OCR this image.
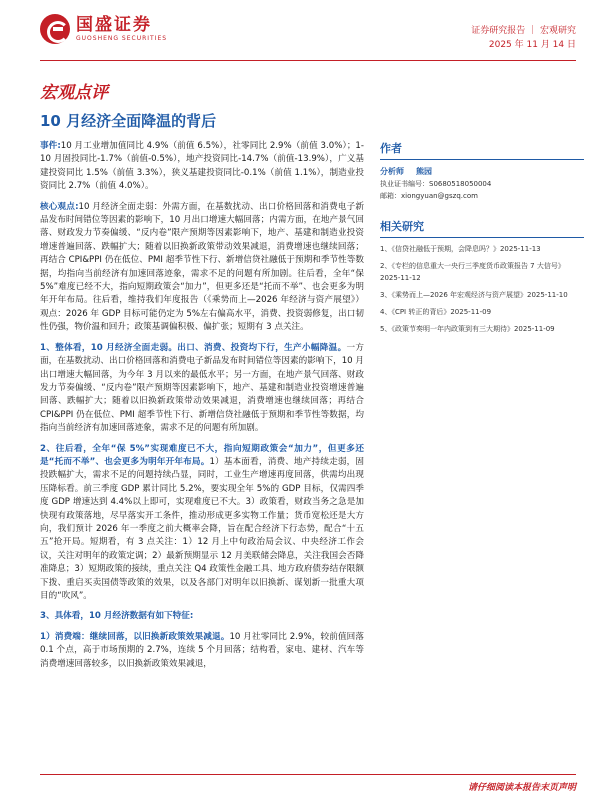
国盛证券
GUOSHENG SECURITIES
证券研究报告 ｜ 宏观研究
2025 年 11 月 14 日
宏观点评
10 月经济全面降温的背后

事件:10 月工业增加值同比 4.9%（前值 6.5%），社零同比 2.9%（前值 3.0%）；1-10 月固投同比-1.7%（前值-0.5%），地产投资同比-14.7%（前值-13.9%），广义基建投资同比 1.5%（前值 3.3%），狭义基建投资同比-0.1%（前值 1.1%），制造业投资同比 2.7%（前值 4.0%）。

核心观点:10 月经济全面走弱：外需方面，在基数扰动、出口价格回落和消费电子新品发布时间错位等因素的影响下，10 月出口增速大幅回落；内需方面，在地产景气回落、财政发力节奏偏缓、“反内卷”限产预期等因素影响下，地产、基建和制造业投资增速普遍回落、跌幅扩大；随着以旧换新政策带动效果减退，消费增速也继续回落；再结合 CPI&PPI 仍在低位、PMI 超季节性下行、新增信贷社融低于预期和季节性等数据，均指向当前经济有加速回落迹象，需求不足的问题有所加剧。往后看，全年“保 5%”难度已经不大，指向短期政策会“加力”，但更多还是“托而不举”、也会更多为明年开年布局。往后看，维持我们年度报告（《乘势而上—2026 年经济与资产展望》）观点：2026 年 GDP 目标可能仍定为 5%左右偏高水平，消费、投资弱修复，出口韧性仍强，物价温和回升；政策基调偏积极、偏扩张；短期有 3 点关注。

1、整体看，10 月经济全面走弱。出口、消费、投资均下行，生产小幅降温。一方面，在基数扰动、出口价格回落和消费电子新品发布时间错位等因素的影响下，10 月出口增速大幅回落，为今年 3 月以来的最低水平；另一方面，在地产景气回落、财政发力节奏偏缓、“反内卷”限产预期等因素影响下，地产、基建和制造业投资增速普遍回落、跌幅扩大；随着以旧换新政策带动效果减退，消费增速也继续回落；再结合 CPI&PPI 仍在低位、PMI 超季节性下行、新增信贷社融低于预期和季节性等数据，均指向当前经济有加速回落迹象，需求不足的问题有所加剧。

2、往后看，全年“保 5%”实现难度已不大，指向短期政策会“加力”，但更多还是“托而不举”、也会更多为明年开年布局。1）基本面看，消费、地产持续走弱，固投跌幅扩大，需求不足的问题持续凸显，同时，工业生产增速再度回落，供需均出现压降标看。前三季度 GDP 累计同比 5.2%，要实现全年 5%的 GDP 目标，仅需四季度 GDP 增速达到 4.4%以上即可，实现难度已不大。3）政策看，财政当务之急是加快现有政策落地，尽早落实开工条件，推动形成更多实物工作量；货币宽松还是大方向，我们预计 2026 年一季度之前大概率会降，旨在配合经济下行态势，配合“十五五”抢开局。短期看，有 3 点关注：1）12 月上中旬政治局会议、中央经济工作会议，关注对明年的政策定调；2）最新预期显示 12 月美联储会降息，关注我国会否降准降息；3）短期政策的接续，重点关注 Q4 政策性金融工具、地方政府债券结存限额下拨、重启买卖国债等政策的效果，以及各部门对明年以旧换新、谋划新一批重大项目的“吹风”。

3、具体看，10 月经济数据有如下特征:

1）消费端：继续回落，以旧换新政策效果减退。10 月社零同比 2.9%，较前值回落 0.1 个点，高于市场预期的 2.7%，连续 5 个月回落；结构看，家电、建材、汽车等消费增速回落较多，以旧换新政策效果减退，

作者
分析师 熊园
执业证书编号：S0680518050004
邮箱：xiongyuan@gszq.com
相关研究
1、《信贷社融低于预期，会降息吗？》2025-11-13
2、《专栏的信息重大一央行三季度货币政策报告 7 大信号》2025-11-12
3、《乘势而上—2026 年宏观经济与资产展望》2025-11-10
4、《CPI 转正的背后》2025-11-09
5、《政策节奏明一年内政策到有三大期待》2025-11-09
请仔细阅读本报告末页声明
